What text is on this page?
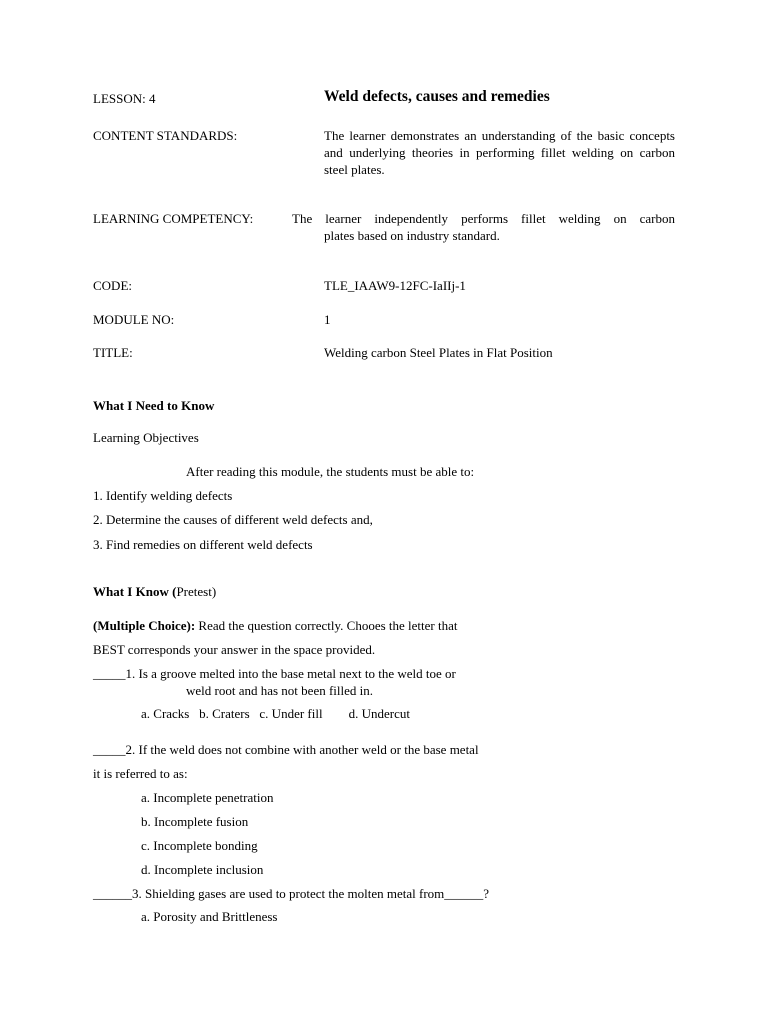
LESSON: 4	Weld defects, causes and remedies
CONTENT STANDARDS:	The learner demonstrates an understanding of the basic concepts and underlying theories in performing fillet welding on carbon steel plates.
LEARNING COMPETENCY:	The learner independently performs fillet welding on carbon
plates based on industry standard.
CODE:	TLE_IAAW9-12FC-IaIIj-1
MODULE NO:	1
TITLE:	Welding carbon Steel Plates in Flat Position
What I Need to Know
Learning Objectives
After reading this module, the students must be able to:
1. Identify welding defects
2. Determine the causes of different weld defects and,
3. Find remedies on different weld defects
What I Know (Pretest)
(Multiple Choice): Read the question correctly. Chooes the letter that
BEST corresponds your answer in the space provided.
_____1. Is a groove melted into the base metal next to the weld toe or
weld root and has not been filled in.
a. Cracks   b. Craters   c. Under fill        d. Undercut
_____2. If the weld does not combine with another weld or the base metal
it is referred to as:
a. Incomplete penetration
b. Incomplete fusion
c. Incomplete bonding
d. Incomplete inclusion
______3. Shielding gases are used to protect the molten metal from______?
a. Porosity and Brittleness
